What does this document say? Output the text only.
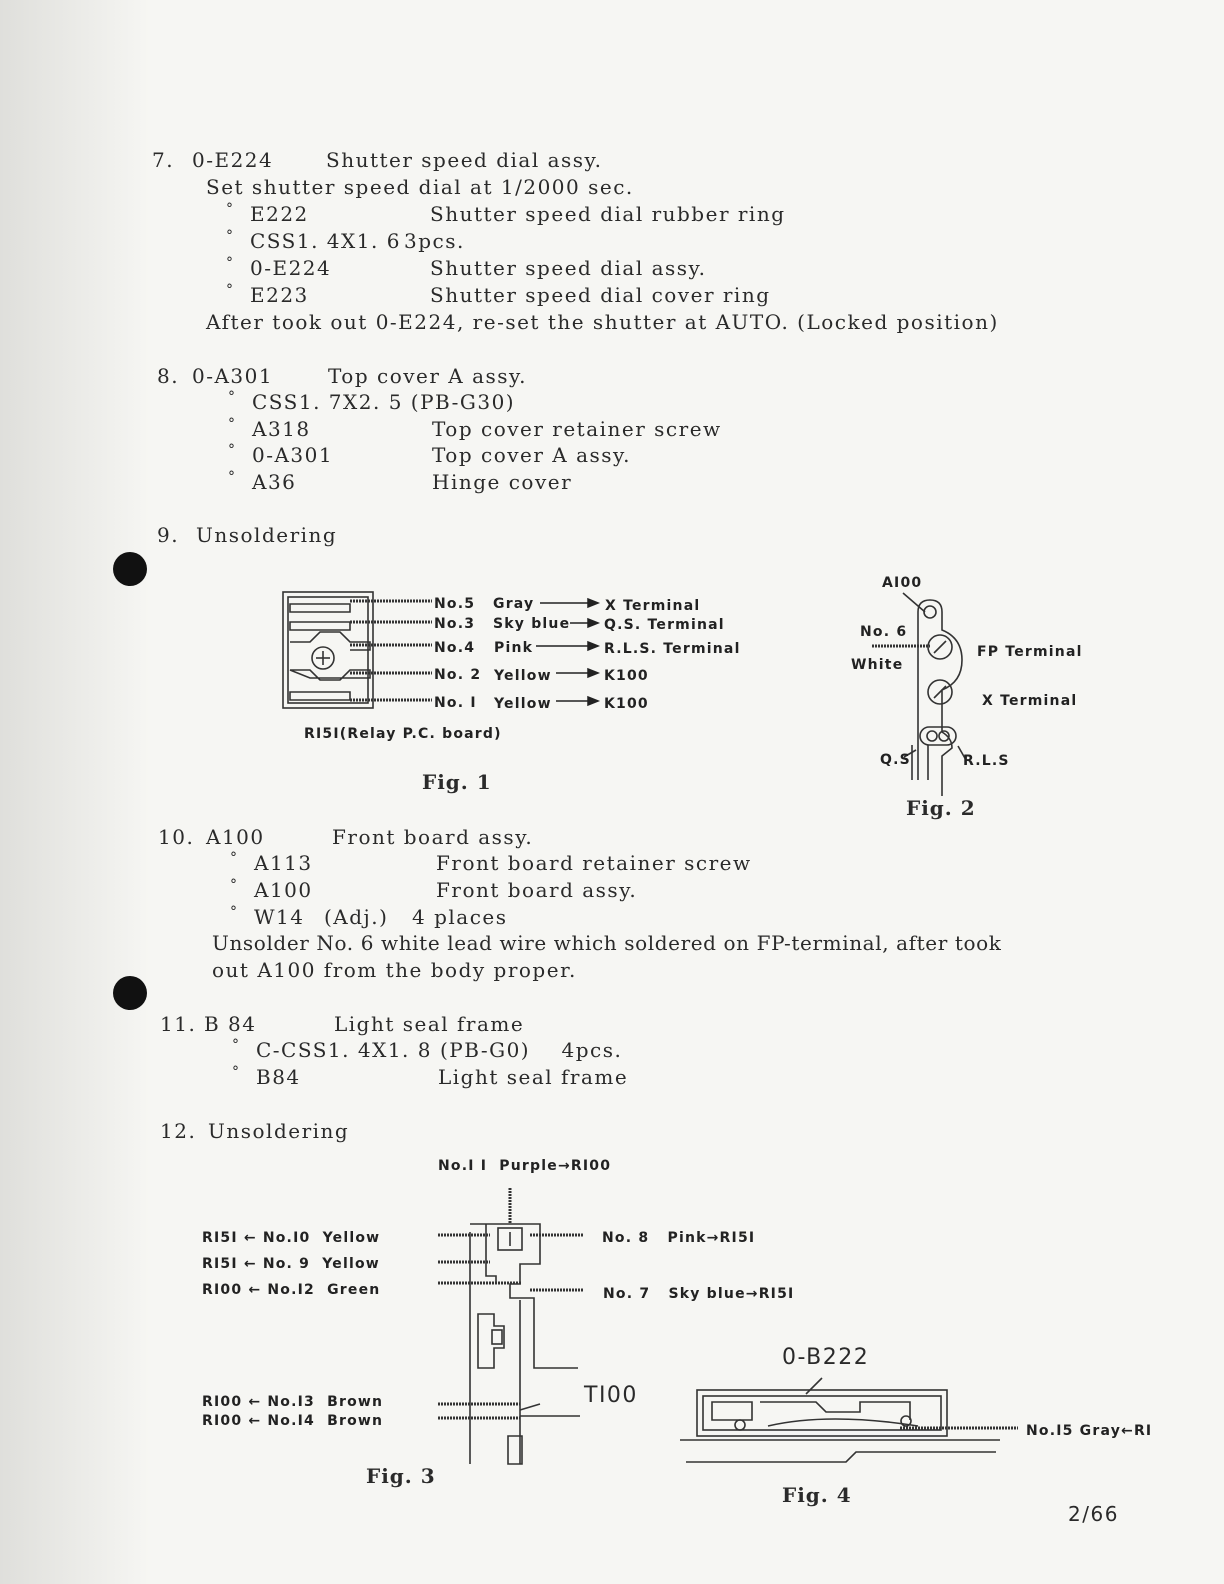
7. 0-E224	Shutter speed dial assy.
Set shutter speed dial at 1/2000 sec.
° E222	Shutter speed dial rubber ring
° CSS1. 4X1. 6 3pcs.
° 0-E224	Shutter speed dial assy.
° E223	Shutter speed dial cover ring
After took out 0-E224, re-set the shutter at AUTO. (Locked position)
8. 0-A301	Top cover A assy.
° CSS1. 7X2. 5 (PB-G30)
° A318	Top cover retainer screw
° 0-A301	Top cover A assy.
° A36	Hinge cover
9. Unsoldering
No.5 Gray	X Terminal
No.3 Sky blue Q.S. Terminal
No.4 Pink	R.L.S. Terminal
No. 2 Yellow	K100
No. I Yellow	K100
RI5I(Relay P.C. board)
Fig. 1
AI00
No. 6
White
FP Terminal
X Terminal
Q.S	R.L.S
Fig. 2
10. A100	Front board assy.
° A113	Front board retainer screw
° A100	Front board assy.
° W14 (Adj.)   4 places
Unsolder No. 6 white lead wire which soldered on FP-terminal, after took
out A100 from the body proper.
11. B 84	Light seal frame
° C-CSS1. 4X1. 8 (PB-G0)    4pcs.
° B84	Light seal frame
12. Unsoldering
No.I I  Purple→RI00
RI5I ← No.I0  Yellow
RI5I ← No. 9  Yellow
RI00 ← No.I2  Green
RI00 ← No.I3  Brown
RI00 ← No.I4  Brown
No. 8   Pink→RI5I
No. 7   Sky blue→RI5I
TI00
Fig. 3
0-B222
No.I5 Gray←RI
Fig. 4
2/66
